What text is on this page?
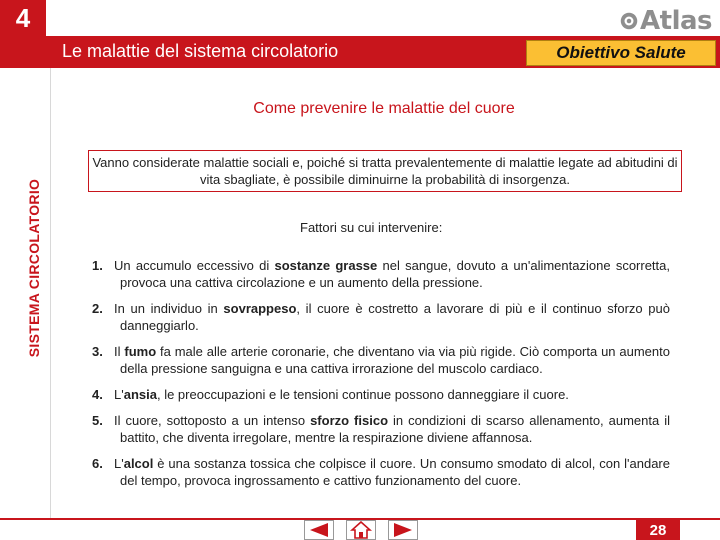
4	Atlas
Le malattie del sistema circolatorio	Obiettivo Salute
SISTEMA CIRCOLATORIO
Come prevenire le malattie del cuore
Vanno considerate malattie sociali e, poiché si tratta prevalentemente di malattie legate ad abitudini di vita sbagliate, è possibile diminuirne la probabilità di insorgenza.
Fattori su cui intervenire:
1. Un accumulo eccessivo di sostanze grasse nel sangue, dovuto a un'alimentazione scorretta, provoca una cattiva circolazione e un aumento della pressione.
2. In un individuo in sovrappeso, il cuore è costretto a lavorare di più e il continuo sforzo può danneggiarlo.
3. Il fumo fa male alle arterie coronarie, che diventano via via più rigide. Ciò comporta un aumento della pressione sanguigna e una cattiva irrorazione del muscolo cardiaco.
4. L'ansia, le preoccupazioni e le tensioni continue possono danneggiare il cuore.
5. Il cuore, sottoposto a un intenso sforzo fisico in condizioni di scarso allenamento, aumenta il battito, che diventa irregolare, mentre la respirazione diviene affannosa.
6. L'alcol è una sostanza tossica che colpisce il cuore. Un consumo smodato di alcol, con l'andare del tempo, provoca ingrossamento e cattivo funzionamento del cuore.
28
